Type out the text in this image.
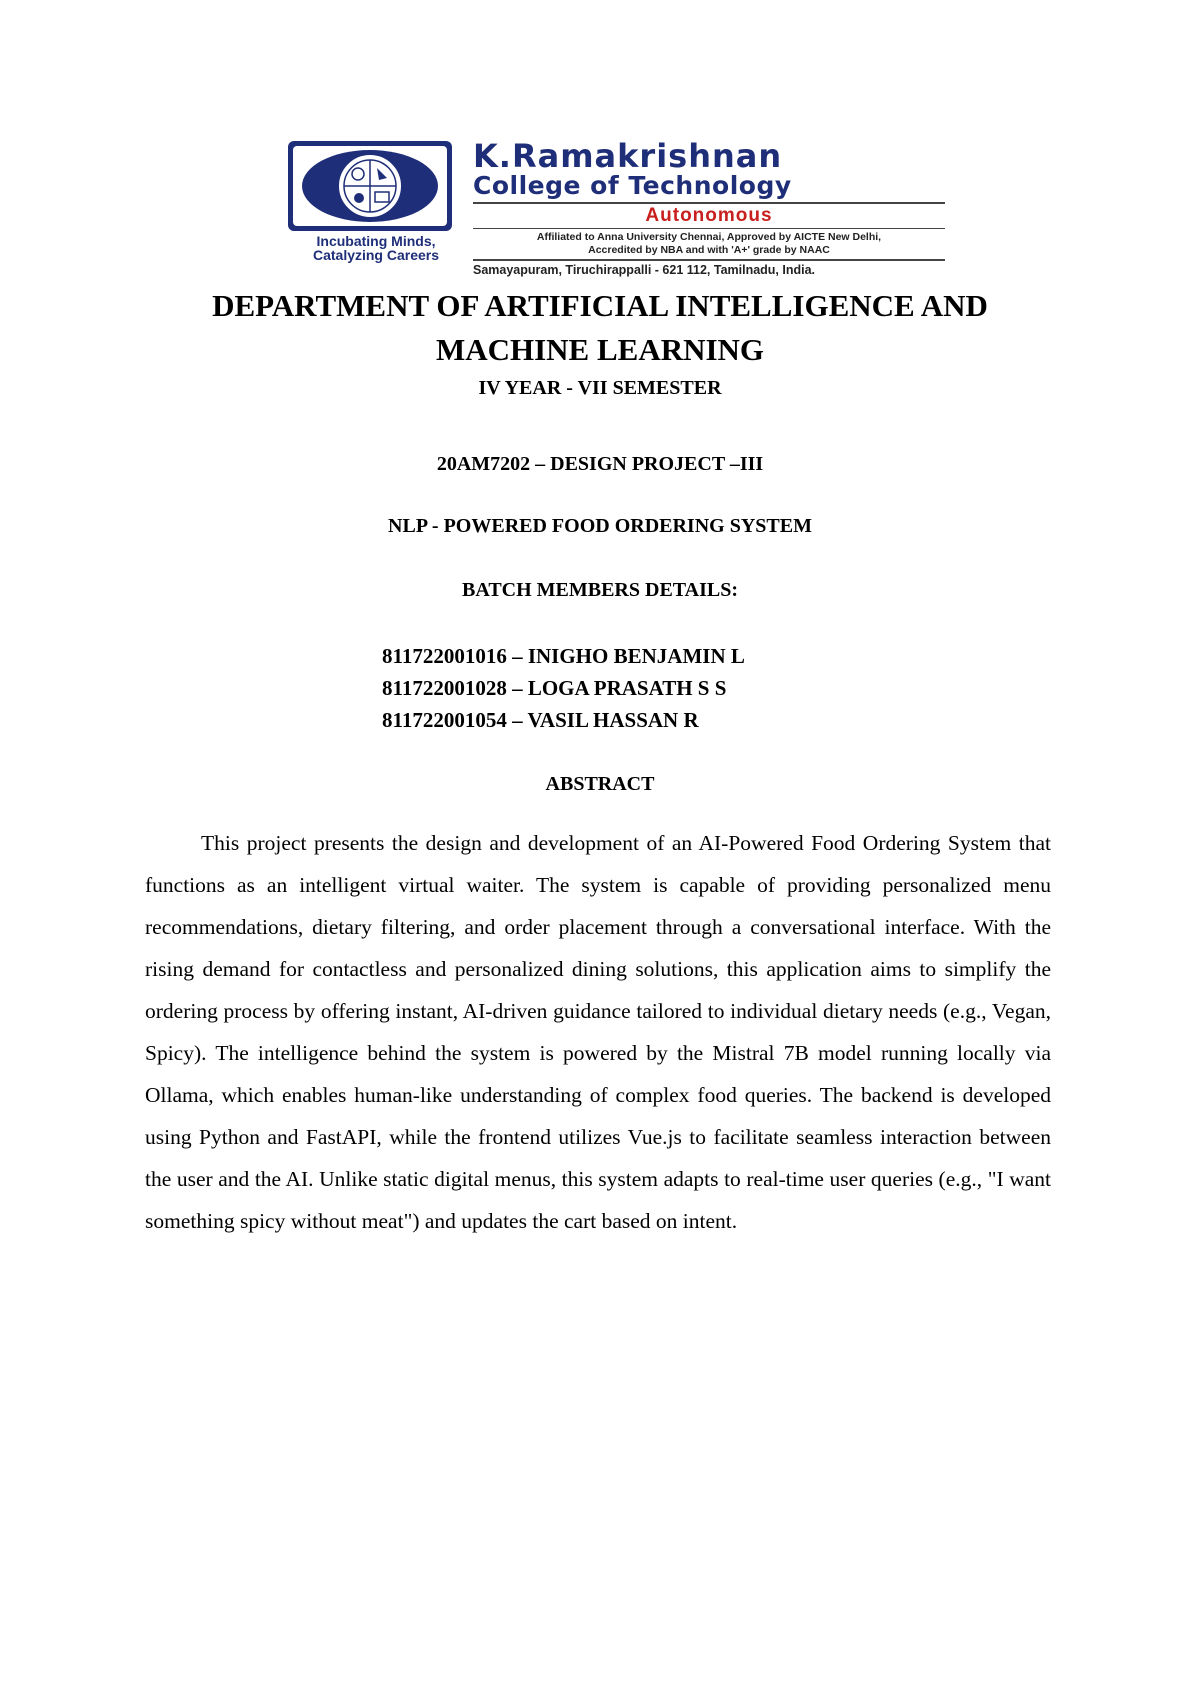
Incubating Minds, Catalyzing Careers

K.Ramakrishnan

College of Technology

Autonomous
Affiliated to Anna University Chennai, Approved by AICTE New Delhi,
Accredited by NBA and with 'A+' grade by NAAC
Samayapuram, Tiruchirappalli - 621 112, Tamilnadu, India.
DEPARTMENT OF ARTIFICIAL INTELLIGENCE AND
MACHINE LEARNING
IV YEAR - VII SEMESTER
20AM7202 – DESIGN PROJECT –III
NLP - POWERED FOOD ORDERING SYSTEM
BATCH MEMBERS DETAILS:
811722001016 – INIGHO BENJAMIN L
811722001028 – LOGA PRASATH S S
811722001054 – VASIL HASSAN R
ABSTRACT

This project presents the design and development of an AI-Powered Food Ordering System that functions as an intelligent virtual waiter. The system is capable of providing personalized menu recommendations, dietary filtering, and order placement through a conversational interface. With the rising demand for contactless and personalized dining solutions, this application aims to simplify the ordering process by offering instant, AI-driven guidance tailored to individual dietary needs (e.g., Vegan, Spicy). The intelligence behind the system is powered by the Mistral 7B model running locally via Ollama, which enables human-like understanding of complex food queries. The backend is developed using Python and FastAPI, while the frontend utilizes Vue.js to facilitate seamless interaction between the user and the AI. Unlike static digital menus, this system adapts to real-time user queries (e.g., "I want something spicy without meat") and updates the cart based on intent.
